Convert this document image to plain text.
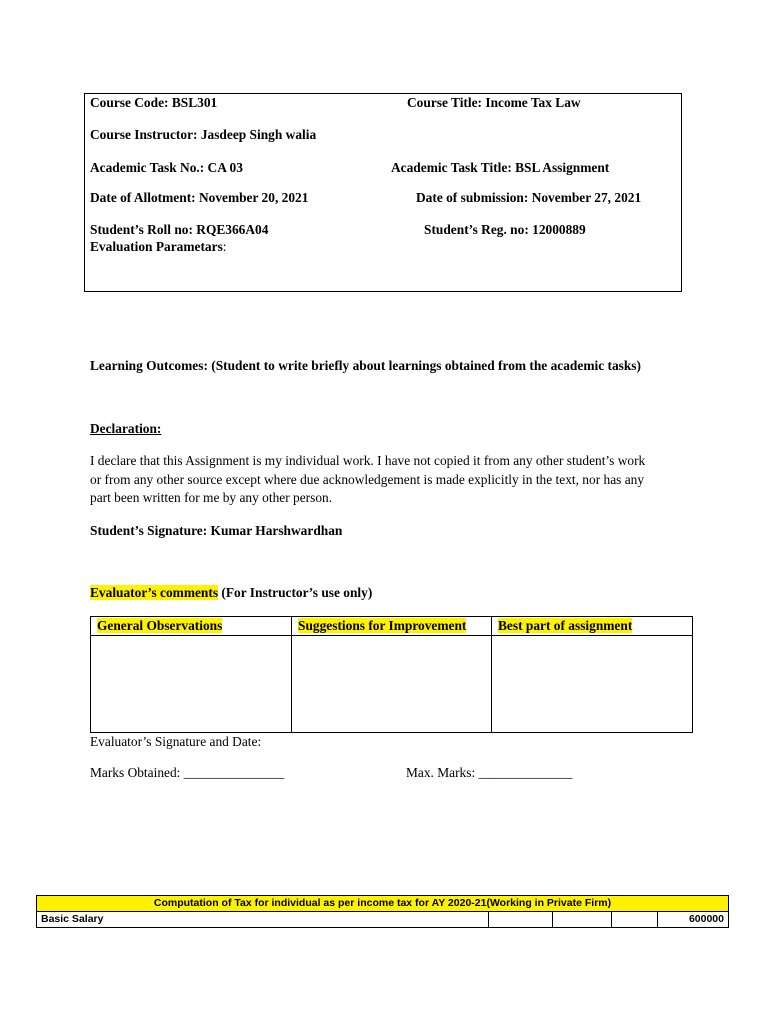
Course Code: BSL301	Course Title: Income Tax Law
Course Instructor: Jasdeep Singh walia
Academic Task No.: CA 03	Academic Task Title: BSL Assignment
Date of Allotment: November 20, 2021	Date of submission: November 27, 2021
Student’s Roll no: RQE366A04	Student’s Reg. no: 12000889
Evaluation Parametars:
Learning Outcomes: (Student to write briefly about learnings obtained from the academic tasks)
Declaration:
I declare that this Assignment is my individual work. I have not copied it from any other student’s work
or from any other source except where due acknowledgement is made explicitly in the text, nor has any
part been written for me by any other person.
Student’s Signature: Kumar Harshwardhan
Evaluator’s comments (For Instructor’s use only)
General Observations	Suggestions for Improvement	Best part of assignment

Evaluator’s Signature and Date:
Marks Obtained: _______________	Max. Marks: ______________
Computation of Tax for individual as per income tax for AY 2020-21(Working in Private Firm)
Basic Salary				600000
